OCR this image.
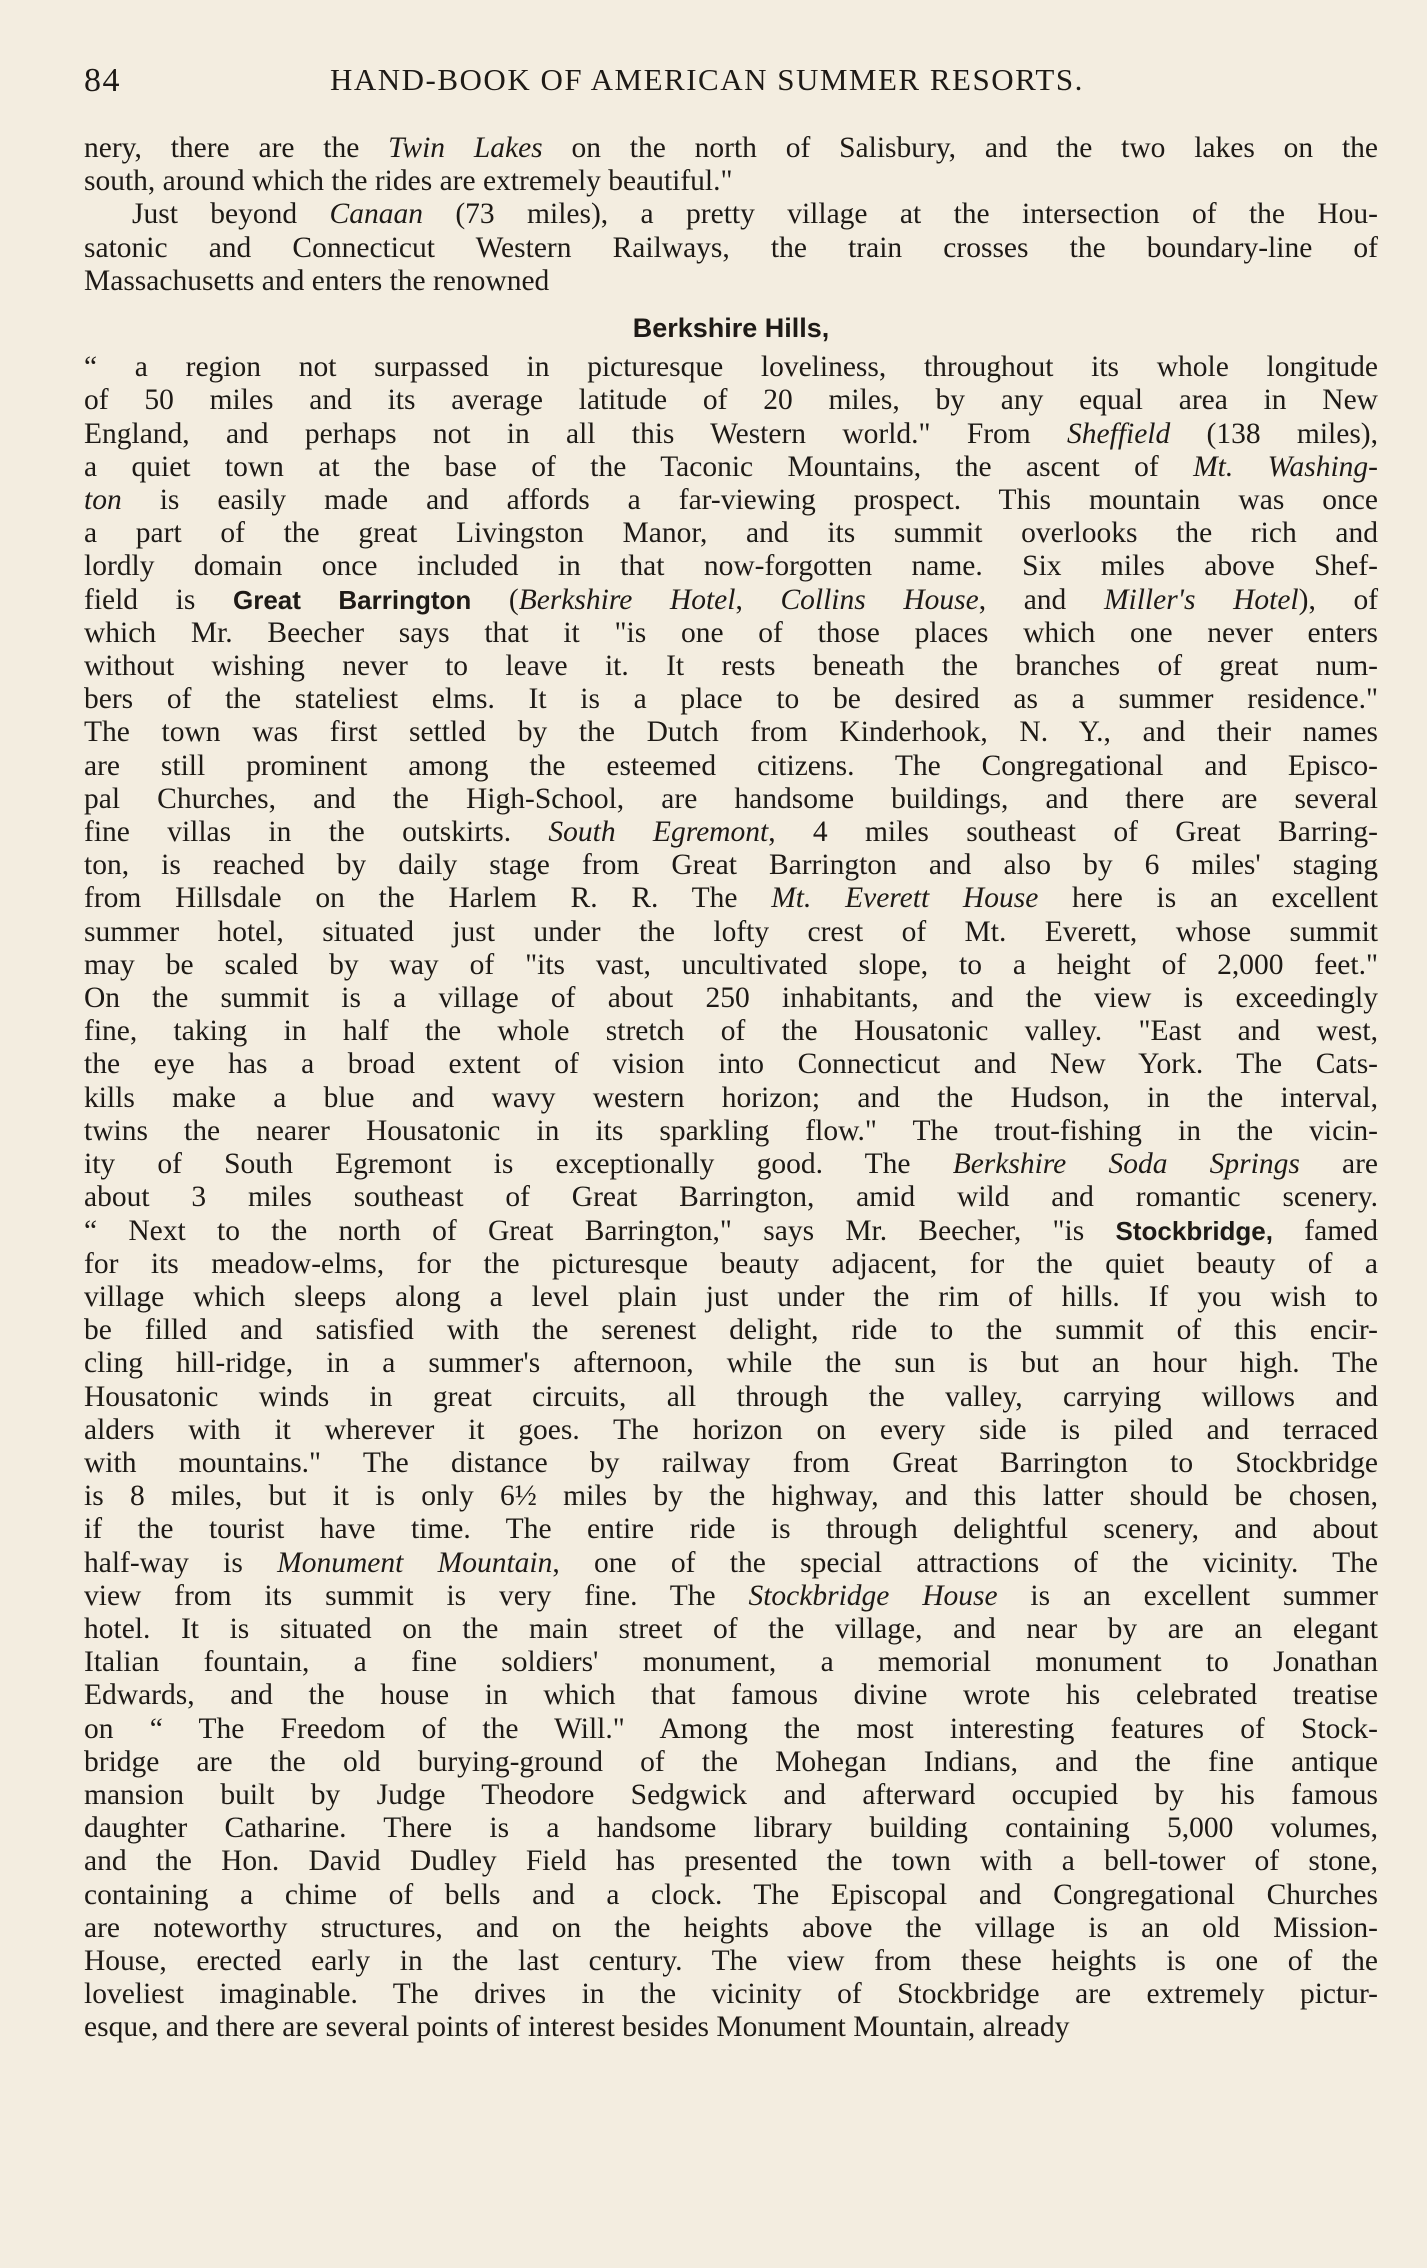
84	HAND-BOOK OF AMERICAN SUMMER RESORTS.
nery, there are the Twin Lakes on the north of Salisbury, and the two lakes on the
south, around which the rides are extremely beautiful."
Just beyond Canaan (73 miles), a pretty village at the intersection of the Hou-
satonic and Connecticut Western Railways, the train crosses the boundary-line of
Massachusetts and enters the renowned
Berkshire Hills,
“ a region not surpassed in picturesque loveliness, throughout its whole longitude
of 50 miles and its average latitude of 20 miles, by any equal area in New
England, and perhaps not in all this Western world." From Sheffield (138 miles),
a quiet town at the base of the Taconic Mountains, the ascent of Mt. Washing-
ton is easily made and affords a far-viewing prospect. This mountain was once
a part of the great Livingston Manor, and its summit overlooks the rich and
lordly domain once included in that now-forgotten name. Six miles above Shef-
field is Great Barrington (Berkshire Hotel, Collins House, and Miller's Hotel), of
which Mr. Beecher says that it "is one of those places which one never enters
without wishing never to leave it. It rests beneath the branches of great num-
bers of the stateliest elms. It is a place to be desired as a summer residence."
The town was first settled by the Dutch from Kinderhook, N. Y., and their names
are still prominent among the esteemed citizens. The Congregational and Episco-
pal Churches, and the High-School, are handsome buildings, and there are several
fine villas in the outskirts. South Egremont, 4 miles southeast of Great Barring-
ton, is reached by daily stage from Great Barrington and also by 6 miles' staging
from Hillsdale on the Harlem R. R. The Mt. Everett House here is an excellent
summer hotel, situated just under the lofty crest of Mt. Everett, whose summit
may be scaled by way of "its vast, uncultivated slope, to a height of 2,000 feet."
On the summit is a village of about 250 inhabitants, and the view is exceedingly
fine, taking in half the whole stretch of the Housatonic valley. "East and west,
the eye has a broad extent of vision into Connecticut and New York. The Cats-
kills make a blue and wavy western horizon; and the Hudson, in the interval,
twins the nearer Housatonic in its sparkling flow." The trout-fishing in the vicin-
ity of South Egremont is exceptionally good. The Berkshire Soda Springs are
about 3 miles southeast of Great Barrington, amid wild and romantic scenery.
“ Next to the north of Great Barrington," says Mr. Beecher, "is Stockbridge, famed
for its meadow-elms, for the picturesque beauty adjacent, for the quiet beauty of a
village which sleeps along a level plain just under the rim of hills. If you wish to
be filled and satisfied with the serenest delight, ride to the summit of this encir-
cling hill-ridge, in a summer's afternoon, while the sun is but an hour high. The
Housatonic winds in great circuits, all through the valley, carrying willows and
alders with it wherever it goes. The horizon on every side is piled and terraced
with mountains." The distance by railway from Great Barrington to Stockbridge
is 8 miles, but it is only 6½ miles by the highway, and this latter should be chosen,
if the tourist have time. The entire ride is through delightful scenery, and about
half-way is Monument Mountain, one of the special attractions of the vicinity. The
view from its summit is very fine. The Stockbridge House is an excellent summer
hotel. It is situated on the main street of the village, and near by are an elegant
Italian fountain, a fine soldiers' monument, a memorial monument to Jonathan
Edwards, and the house in which that famous divine wrote his celebrated treatise
on “ The Freedom of the Will." Among the most interesting features of Stock-
bridge are the old burying-ground of the Mohegan Indians, and the fine antique
mansion built by Judge Theodore Sedgwick and afterward occupied by his famous
daughter Catharine. There is a handsome library building containing 5,000 volumes,
and the Hon. David Dudley Field has presented the town with a bell-tower of stone,
containing a chime of bells and a clock. The Episcopal and Congregational Churches
are noteworthy structures, and on the heights above the village is an old Mission-
House, erected early in the last century. The view from these heights is one of the
loveliest imaginable. The drives in the vicinity of Stockbridge are extremely pictur-
esque, and there are several points of interest besides Monument Mountain, already
